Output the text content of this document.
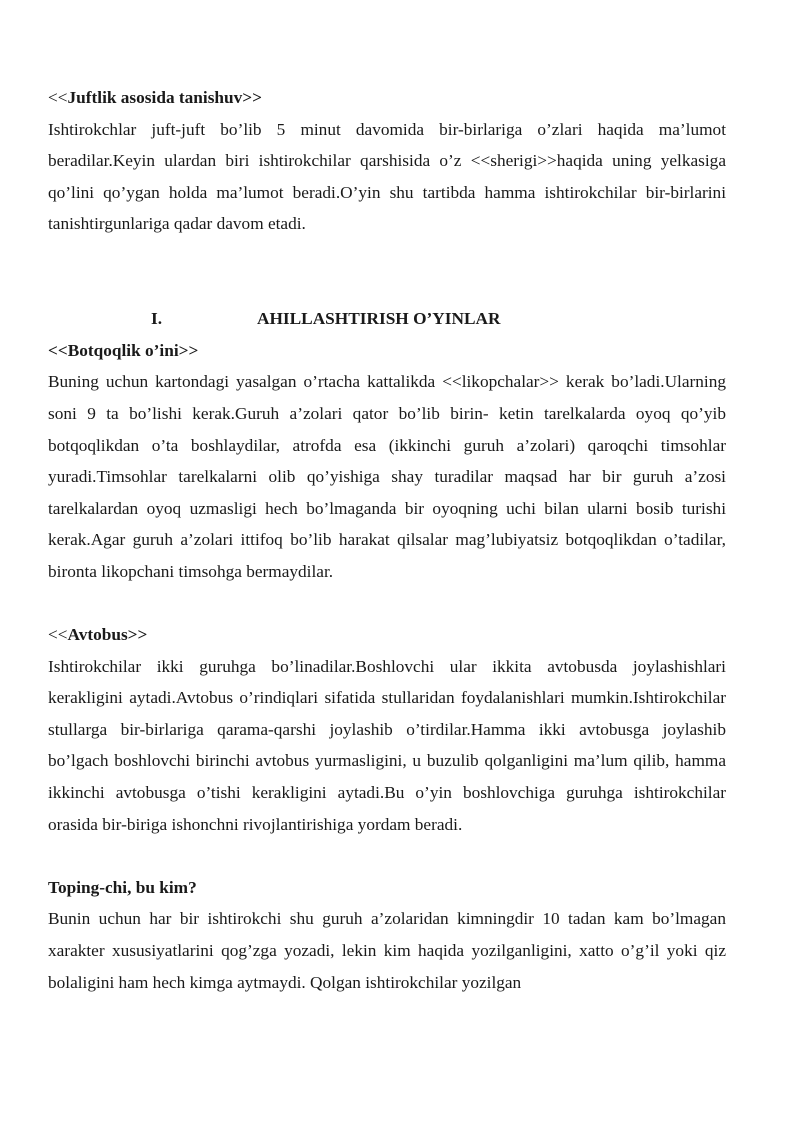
<<Juftlik asosida tanishuv>>

Ishtirokchlar juft-juft bo’lib 5 minut davomida bir-birlariga o’zlari haqida ma’lumot beradilar.Keyin ulardan biri ishtirokchilar qarshisida o’z <<sherigi>>haqida uning yelkasiga qo’lini qo’ygan holda ma’lumot beradi.O’yin shu tartibda hamma ishtirokchilar bir-birlarini tanishtirgunlariga qadar davom etadi.

I.	AHILLASHTIRISH O’YINLAR

<<Botqoqlik o’ini>>

Buning uchun kartondagi yasalgan o’rtacha kattalikda <<likopchalar>> kerak bo’ladi.Ularning soni 9 ta bo’lishi kerak.Guruh a’zolari qator bo’lib birin- ketin tarelkalarda oyoq qo’yib botqoqlikdan o’ta boshlaydilar, atrofda esa (ikkinchi guruh a’zolari) qaroqchi timsohlar yuradi.Timsohlar tarelkalarni olib qo’yishiga shay turadilar maqsad har bir guruh a’zosi tarelkalardan oyoq uzmasligi hech bo’lmaganda bir oyoqning uchi bilan ularni bosib turishi kerak.Agar guruh a’zolari ittifoq bo’lib harakat qilsalar mag’lubiyatsiz botqoqlikdan o’tadilar, bironta likopchani timsohga bermaydilar.

<<Avtobus>>

Ishtirokchilar ikki guruhga bo’linadilar.Boshlovchi ular ikkita avtobusda joylashishlari kerakligini aytadi.Avtobus o’rindiqlari sifatida stullaridan foydalanishlari mumkin.Ishtirokchilar stullarga bir-birlariga qarama-qarshi joylashib o’tirdilar.Hamma ikki avtobusga joylashib bo’lgach boshlovchi birinchi avtobus yurmasligini, u buzulib qolganligini ma’lum qilib, hamma ikkinchi avtobusga o’tishi kerakligini aytadi.Bu o’yin boshlovchiga guruhga ishtirokchilar orasida bir-biriga ishonchni rivojlantirishiga yordam beradi.

Toping-chi, bu kim?

Bunin uchun har bir ishtirokchi shu guruh a’zolaridan kimningdir 10 tadan kam bo’lmagan xarakter xususiyatlarini qog’zga yozadi, lekin kim haqida yozilganligini, xatto o’g’il yoki qiz bolaligini ham hech kimga aytmaydi. Qolgan ishtirokchilar yozilgan
